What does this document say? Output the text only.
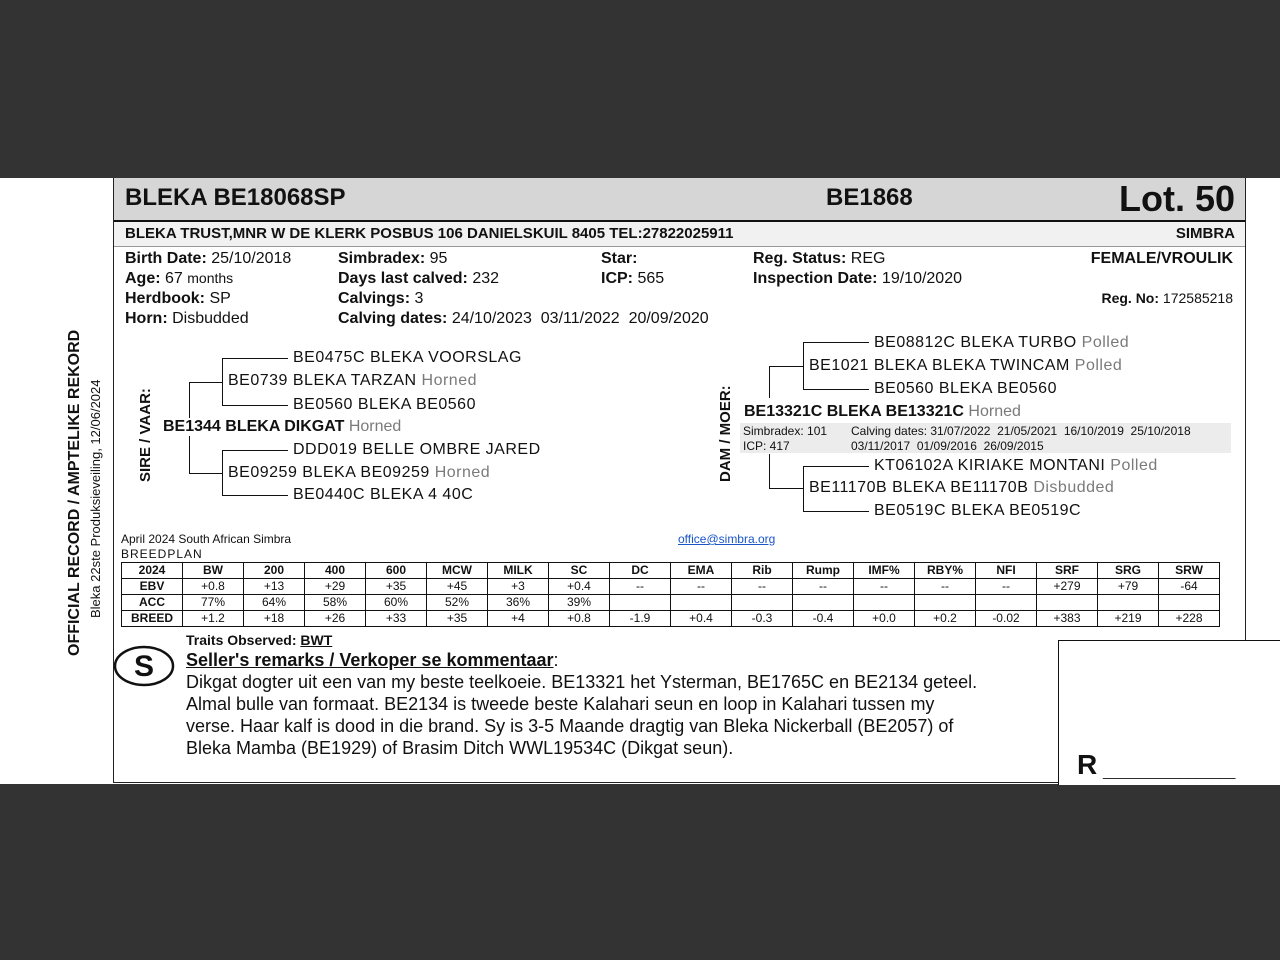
OFFICIAL RECORD / AMPTELIKE REKORD Bleka 22ste Produksieveiling, 12/06/2024
BLEKA BE18068SP	BE1868	Lot. 50
BLEKA TRUST,MNR W DE KLERK POSBUS 106 DANIELSKUIL 8405 TEL:27822025911	SIMBRA
Birth Date: 25/10/2018
Age: 67 months
Herdbook: SP
Horn: Disbudded
Simbradex: 95
Days last calved: 232
Calvings: 3
Calving dates: 24/10/2023  03/11/2022  20/09/2020
Star:
ICP: 565
Reg. Status: REG
Inspection Date: 19/10/2020
FEMALE/VROULIK
Reg. No: 172585218
SIRE / VAAR:
BE0475C BLEKA VOORSLAG
BE0739 BLEKA TARZAN Horned
BE0560 BLEKA BE0560
BE1344 BLEKA DIKGAT Horned
DDD019 BELLE OMBRE JARED
BE09259 BLEKA BE09259 Horned
BE0440C BLEKA 4 40C
DAM / MOER:
BE08812C BLEKA TURBO Polled
BE1021 BLEKA BLEKA TWINCAM Polled
BE0560 BLEKA BE0560
BE13321C BLEKA BE13321C Horned
Simbradex: 101
ICP: 417
Calving dates: 31/07/2022  21/05/2021  16/10/2019  25/10/2018
03/11/2017  01/09/2016  26/09/2015
KT06102A KIRIAKE MONTANI Polled
BE11170B BLEKA BE11170B Disbudded
BE0519C BLEKA BE0519C
April 2024 South African Simbra
BREEDPLAN
office@simbra.org
2024	BW	200	400	600	MCW	MILK	SC	DC	EMA	Rib	Rump	IMF%	RBY%	NFI	SRF	SRG	SRW
EBV	+0.8	+13	+29	+35	+45	+3	+0.4	--	--	--	--	--	--	--	+279	+79	-64
ACC	77%	64%	58%	60%	52%	36%	39%										
BREED	+1.2	+18	+26	+33	+35	+4	+0.8	-1.9	+0.4	-0.3	-0.4	+0.0	+0.2	-0.02	+383	+219	+228
S
Traits Observed: BWT
Seller's remarks / Verkoper se kommentaar:
Dikgat dogter uit een van my beste teelkoeie. BE13321 het Ysterman, BE1765C en BE2134 geteel.
Almal bulle van formaat. BE2134 is tweede beste Kalahari seun en loop in Kalahari tussen my
verse. Haar kalf is dood in die brand. Sy is 3-5 Maande dragtig van Bleka Nickerball (BE2057) of
Bleka Mamba (BE1929) of Brasim Ditch WWL19534C (Dikgat seun).
R _________________
